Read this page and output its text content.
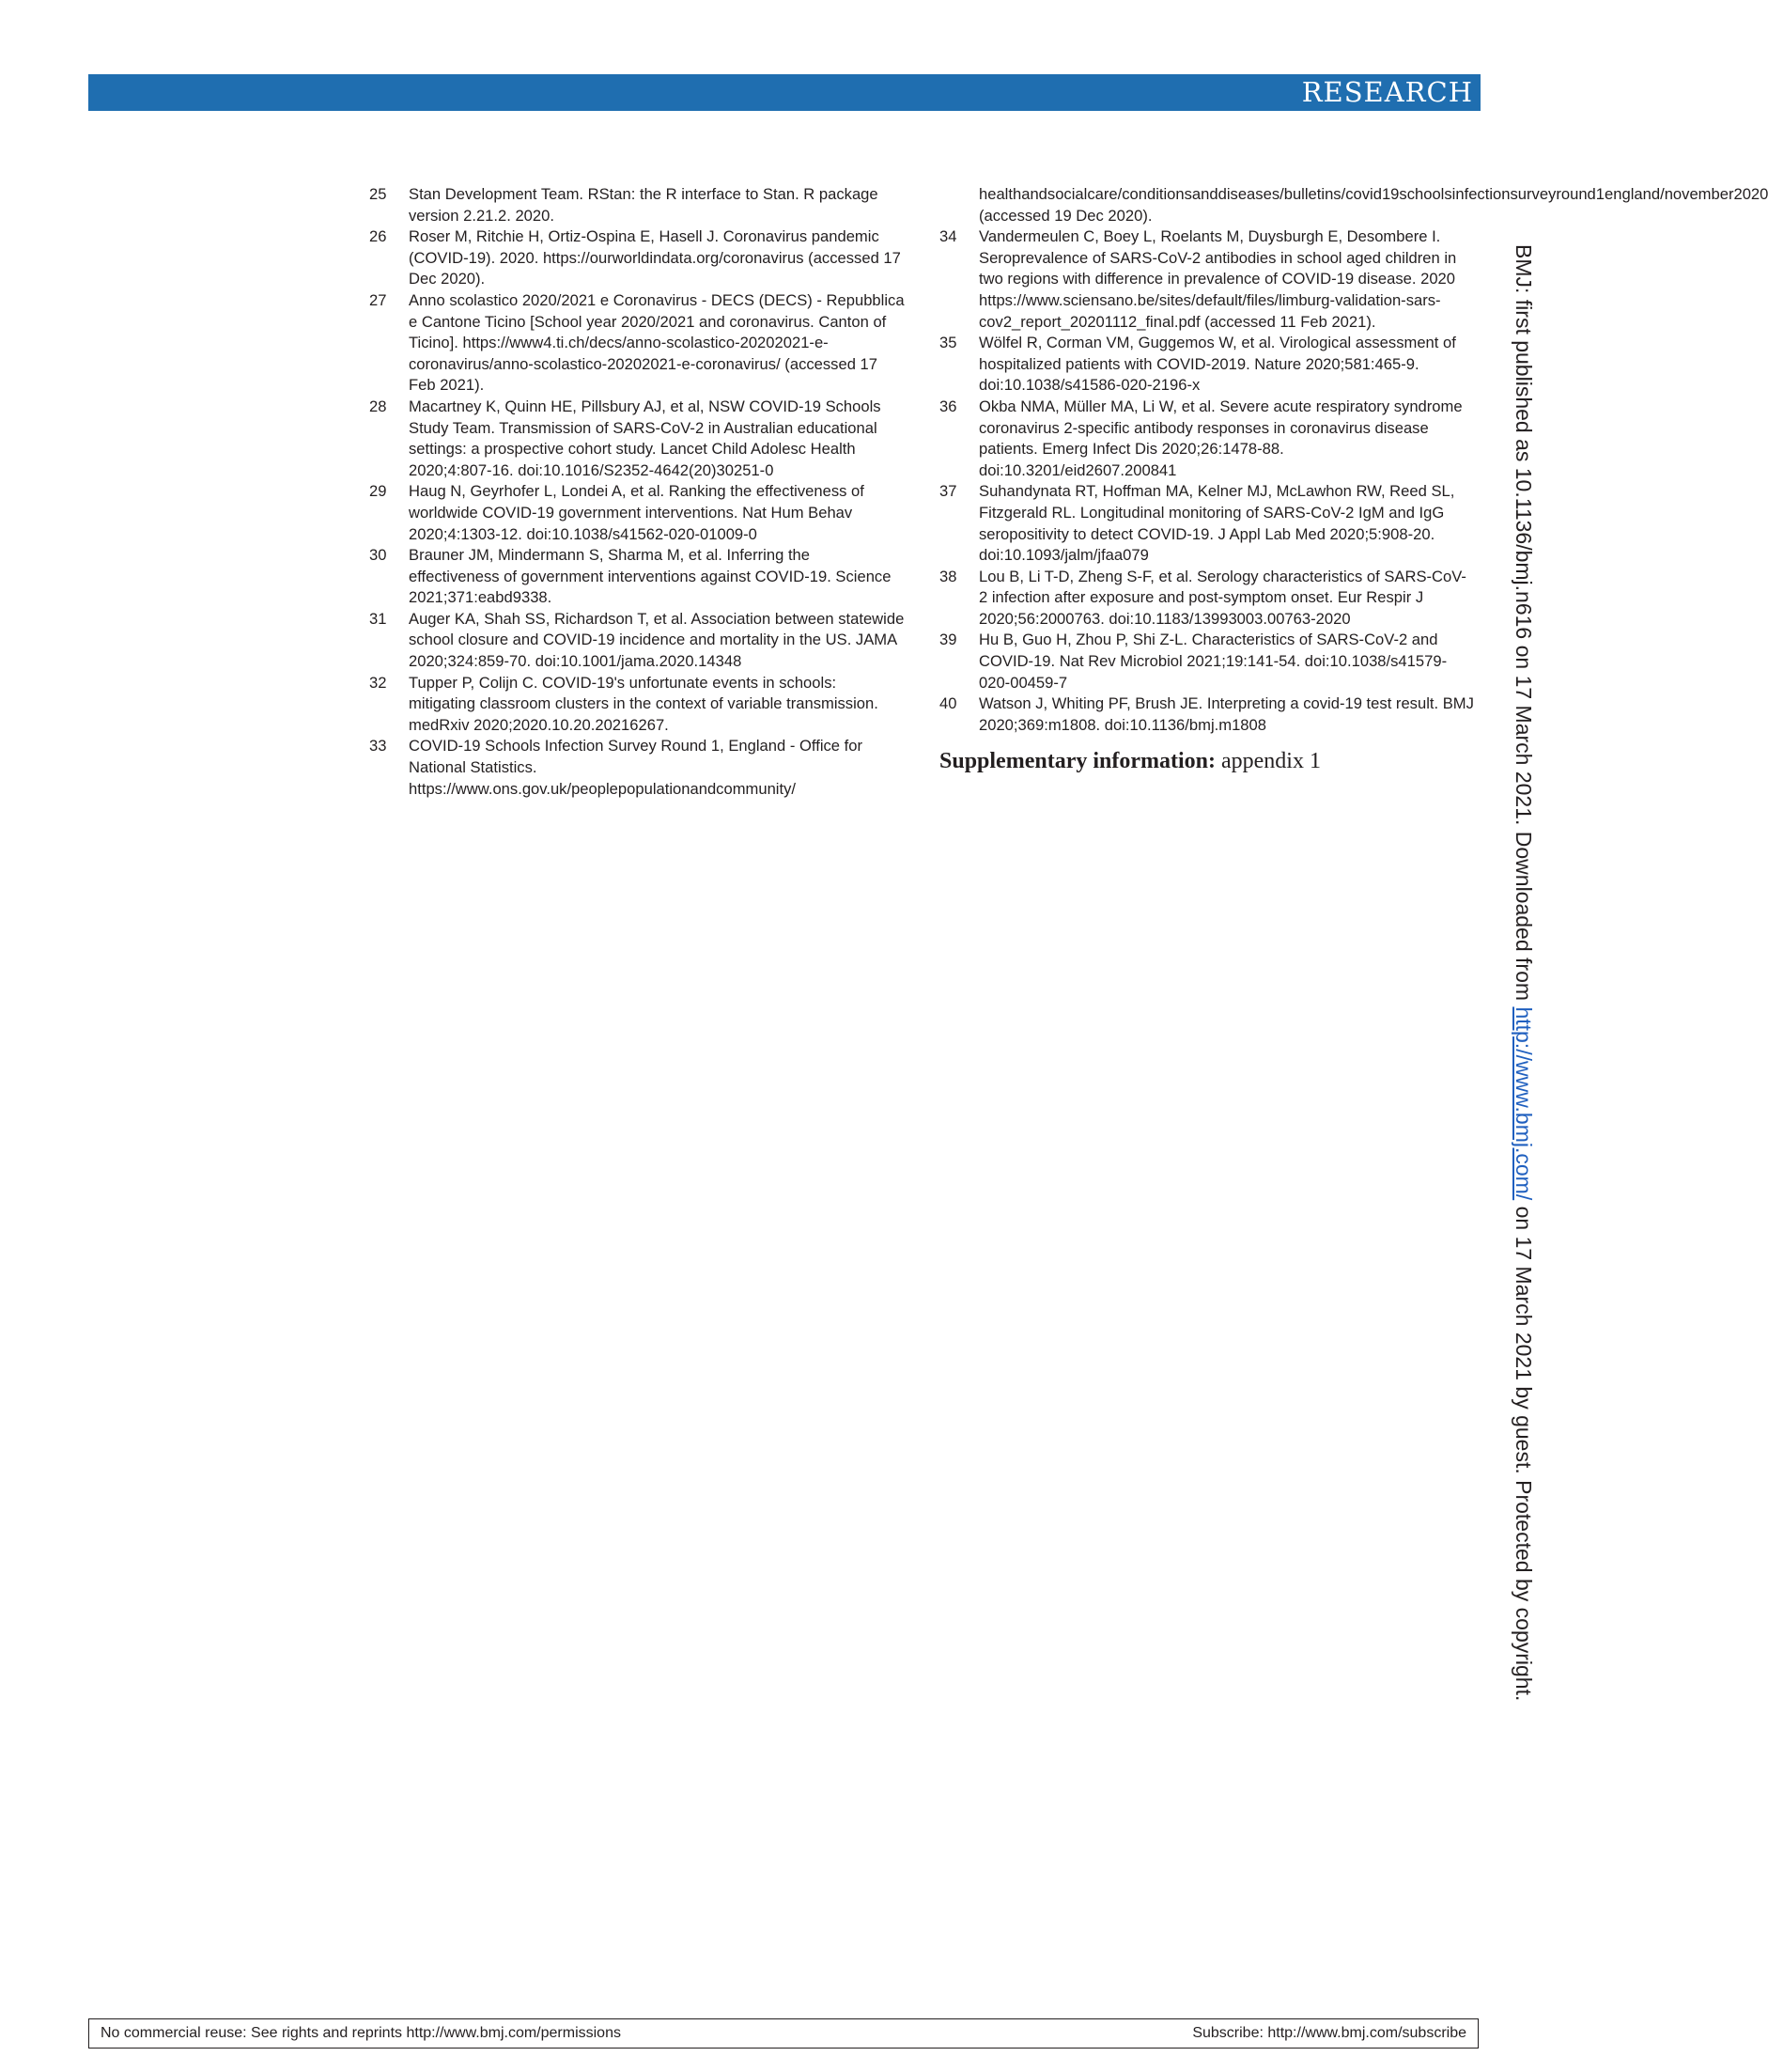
RESEARCH
25 Stan Development Team. RStan: the R interface to Stan. R package version 2.21.2. 2020.
26 Roser M, Ritchie H, Ortiz-Ospina E, Hasell J. Coronavirus pandemic (COVID-19). 2020. https://ourworldindata.org/coronavirus (accessed 17 Dec 2020).
27 Anno scolastico 2020/2021 e Coronavirus - DECS (DECS) - Repubblica e Cantone Ticino [School year 2020/2021 and coronavirus. Canton of Ticino]. https://www4.ti.ch/decs/anno-scolastico-20202021-e-coronavirus/anno-scolastico-20202021-e-coronavirus/ (accessed 17 Feb 2021).
28 Macartney K, Quinn HE, Pillsbury AJ, et al, NSW COVID-19 Schools Study Team. Transmission of SARS-CoV-2 in Australian educational settings: a prospective cohort study. Lancet Child Adolesc Health 2020;4:807-16. doi:10.1016/S2352-4642(20)30251-0
29 Haug N, Geyrhofer L, Londei A, et al. Ranking the effectiveness of worldwide COVID-19 government interventions. Nat Hum Behav 2020;4:1303-12. doi:10.1038/s41562-020-01009-0
30 Brauner JM, Mindermann S, Sharma M, et al. Inferring the effectiveness of government interventions against COVID-19. Science 2021;371:eabd9338.
31 Auger KA, Shah SS, Richardson T, et al. Association between statewide school closure and COVID-19 incidence and mortality in the US. JAMA 2020;324:859-70. doi:10.1001/jama.2020.14348
32 Tupper P, Colijn C. COVID-19's unfortunate events in schools: mitigating classroom clusters in the context of variable transmission. medRxiv 2020;2020.10.20.20216267.
33 COVID-19 Schools Infection Survey Round 1, England - Office for National Statistics. https://www.ons.gov.uk/peoplepopulationandcommunity/
healthandsocialcare/conditionsanddiseases/bulletins/covid19schoolsinfectionsurveyround1england/november2020 (accessed 19 Dec 2020).
34 Vandermeulen C, Boey L, Roelants M, Duysburgh E, Desombere I. Seroprevalence of SARS-CoV-2 antibodies in school aged children in two regions with difference in prevalence of COVID-19 disease. 2020 https://www.sciensano.be/sites/default/files/limburg-validation-sars-cov2_report_20201112_final.pdf (accessed 11 Feb 2021).
35 Wölfel R, Corman VM, Guggemos W, et al. Virological assessment of hospitalized patients with COVID-2019. Nature 2020;581:465-9. doi:10.1038/s41586-020-2196-x
36 Okba NMA, Müller MA, Li W, et al. Severe acute respiratory syndrome coronavirus 2-specific antibody responses in coronavirus disease patients. Emerg Infect Dis 2020;26:1478-88. doi:10.3201/eid2607.200841
37 Suhandynata RT, Hoffman MA, Kelner MJ, McLawhon RW, Reed SL, Fitzgerald RL. Longitudinal monitoring of SARS-CoV-2 IgM and IgG seropositivity to detect COVID-19. J Appl Lab Med 2020;5:908-20. doi:10.1093/jalm/jfaa079
38 Lou B, Li T-D, Zheng S-F, et al. Serology characteristics of SARS-CoV-2 infection after exposure and post-symptom onset. Eur Respir J 2020;56:2000763. doi:10.1183/13993003.00763-2020
39 Hu B, Guo H, Zhou P, Shi Z-L. Characteristics of SARS-CoV-2 and COVID-19. Nat Rev Microbiol 2021;19:141-54. doi:10.1038/s41579-020-00459-7
40 Watson J, Whiting PF, Brush JE. Interpreting a covid-19 test result. BMJ 2020;369:m1808. doi:10.1136/bmj.m1808
Supplementary information: appendix 1	BMJ: first published as 10.1136/bmj.n616 on 17 March 2021. Downloaded from http://www.bmj.com/ on 17 March 2021 by guest. Protected by copyright.
No commercial reuse: See rights and reprints http://www.bmj.com/permissions	Subscribe: http://www.bmj.com/subscribe
